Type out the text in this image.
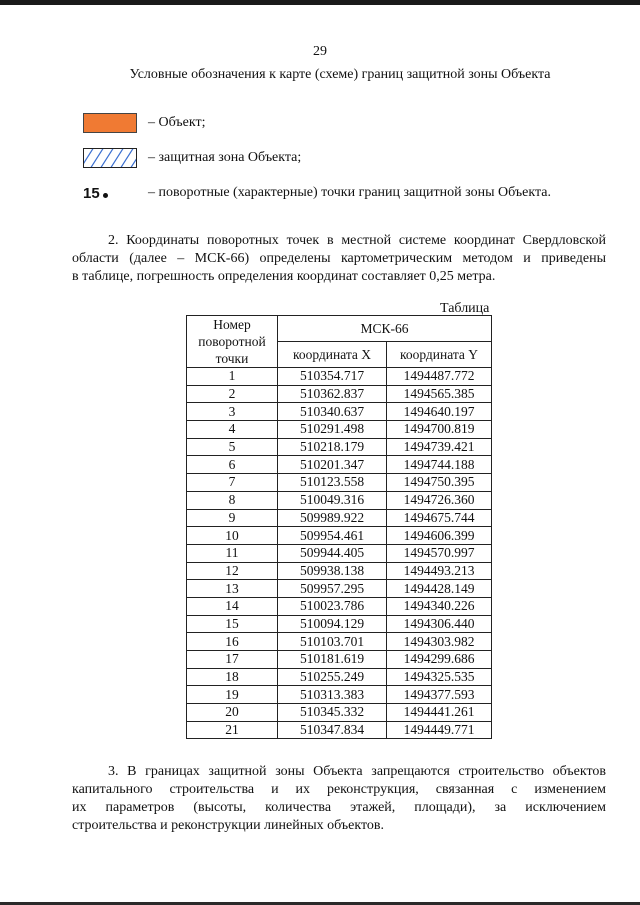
29
Условные обозначения к карте (схеме) границ защитной зоны Объекта
– Объект;
– защитная зона Объекта;
15	– поворотные (характерные) точки границ защитной зоны Объекта.
2. Координаты поворотных точек в местной системе координат Свердловской
области (далее – МСК-66) определены картометрическим методом и приведены
в таблице, погрешность определения координат составляет 0,25 метра.
Таблица
Номер
поворотной
точки	МСК-66	
	координата X	координата Y
1	510354.717	1494487.772
2	510362.837	1494565.385
3	510340.637	1494640.197
4	510291.498	1494700.819
5	510218.179	1494739.421
6	510201.347	1494744.188
7	510123.558	1494750.395
8	510049.316	1494726.360
9	509989.922	1494675.744
10	509954.461	1494606.399
11	509944.405	1494570.997
12	509938.138	1494493.213
13	509957.295	1494428.149
14	510023.786	1494340.226
15	510094.129	1494306.440
16	510103.701	1494303.982
17	510181.619	1494299.686
18	510255.249	1494325.535
19	510313.383	1494377.593
20	510345.332	1494441.261
21	510347.834	1494449.771
3. В границах защитной зоны Объекта запрещаются строительство объектов
капитального строительства и их реконструкция, связанная с изменением
их параметров (высоты, количества этажей, площади), за исключением
строительства и реконструкции линейных объектов.
